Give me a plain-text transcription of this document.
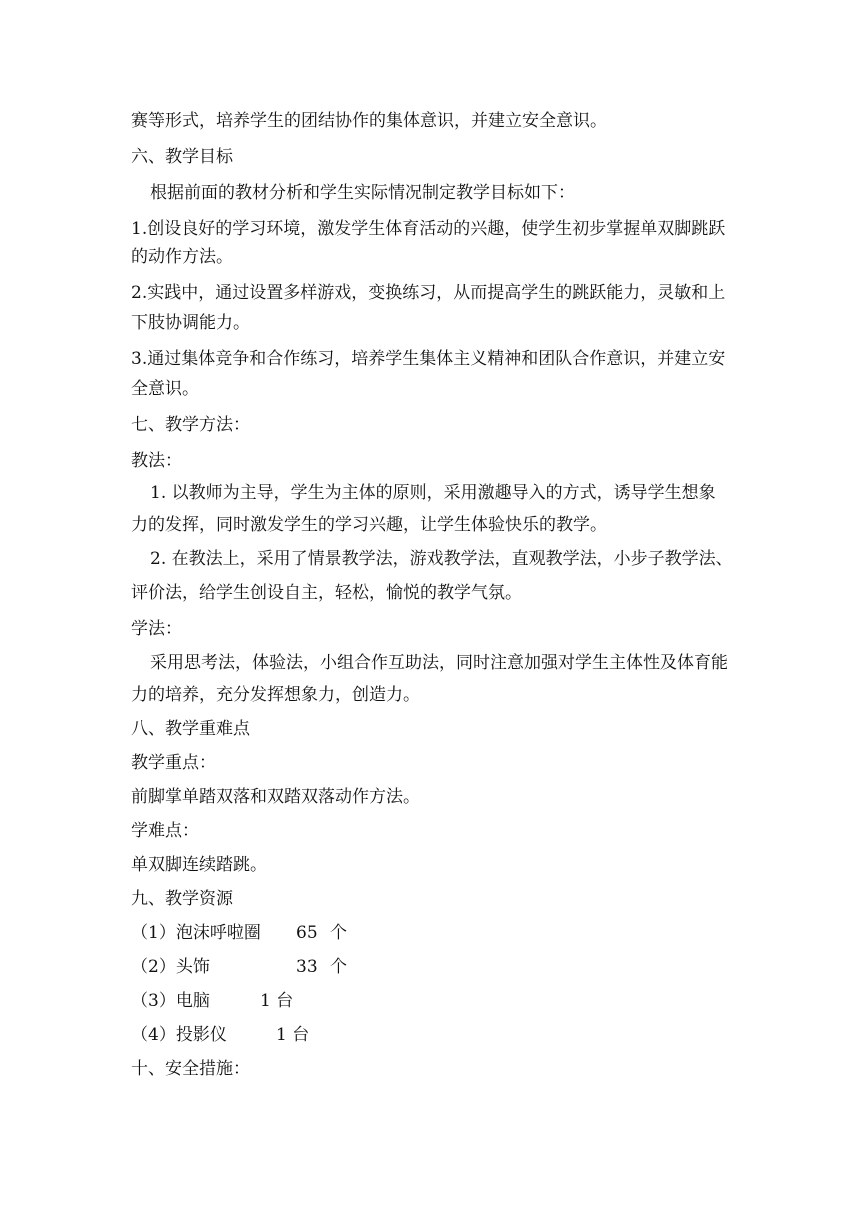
赛等形式，培养学生的团结协作的集体意识，并建立安全意识。
六、教学目标
根据前面的教材分析和学生实际情况制定教学目标如下：
1.创设良好的学习环境，激发学生体育活动的兴趣，使学生初步掌握单双脚跳跃
的动作方法。
2.实践中，通过设置多样游戏，变换练习，从而提高学生的跳跃能力，灵敏和上
下肢协调能力。
3.通过集体竞争和合作练习，培养学生集体主义精神和团队合作意识，并建立安
全意识。
七、教学方法：
教法：
1. 以教师为主导，学生为主体的原则，采用激趣导入的方式，诱导学生想象
力的发挥，同时激发学生的学习兴趣，让学生体验快乐的教学。
2. 在教法上，采用了情景教学法，游戏教学法，直观教学法，小步子教学法、
评价法，给学生创设自主，轻松，愉悦的教学气氛。
学法：
采用思考法，体验法，小组合作互助法，同时注意加强对学生主体性及体育能
力的培养，充分发挥想象力，创造力。
八、教学重难点
教学重点：
前脚掌单踏双落和双踏双落动作方法。
学难点：
单双脚连续踏跳。
九、教学资源
（1）泡沫呼啦圈 65 个
（2）头饰	33 个
（3）电脑	1 台
（4）投影仪	1 台
十、安全措施：
